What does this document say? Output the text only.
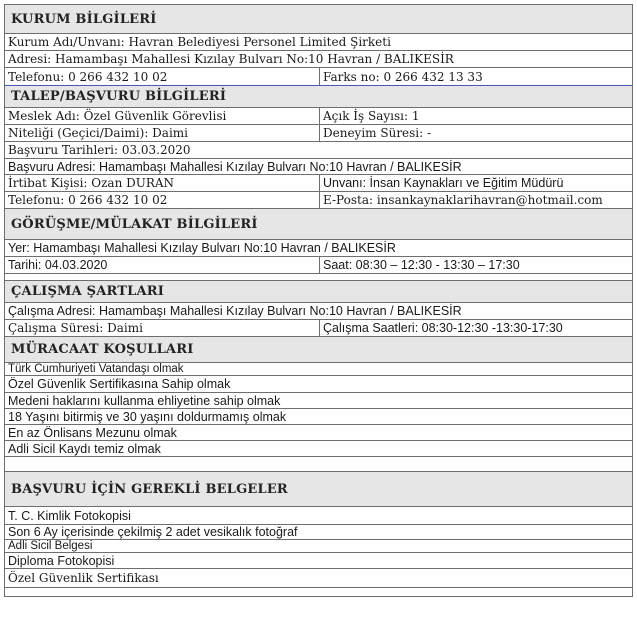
KURUM BİLGİLERİ
Kurum Adı/Unvanı: Havran Belediyesi Personel Limited Şirketi
Adresi: Hamambaşı Mahallesi Kızılay Bulvarı No:10 Havran / BALIKESİR
Telefonu: 0 266 432 10 02	Farks no: 0 266 432 13 33
TALEP/BAŞVURU BİLGİLERİ
Meslek Adı: Özel Güvenlik Görevlisi	Açık İş Sayısı: 1
Niteliği (Geçici/Daimi): Daimi	Deneyim Süresi: -
Başvuru Tarihleri: 03.03.2020
Başvuru Adresi: Hamambaşı Mahallesi Kızılay Bulvarı No:10 Havran / BALIKESİR
İrtibat Kişisi: Ozan DURAN	Unvanı: İnsan Kaynakları ve Eğitim Müdürü
Telefonu: 0 266 432 10 02	E-Posta: insankaynaklarihavran@hotmail.com
GÖRÜŞME/MÜLAKAT BİLGİLERİ
Yer: Hamambaşı Mahallesi Kızılay Bulvarı No:10 Havran / BALIKESİR
Tarihi: 04.03.2020	Saat: 08:30 – 12:30 - 13:30 – 17:30
ÇALIŞMA ŞARTLARI
Çalışma Adresi: Hamambaşı Mahallesi Kızılay Bulvarı No:10 Havran / BALIKESİR
Çalışma Süresi: Daimi	Çalışma Saatleri: 08:30-12:30 -13:30-17:30
MÜRACAAT KOŞULLARI
Türk Cumhuriyeti Vatandaşı olmak
Özel Güvenlik Sertifikasına Sahip olmak
Medeni haklarını kullanma ehliyetine sahip olmak
18 Yaşını bitirmiş ve 30 yaşını doldurmamış olmak
En az Önlisans Mezunu olmak
Adli Sicil Kaydı temiz olmak
BAŞVURU İÇİN GEREKLİ BELGELER
T. C. Kimlik Fotokopisi
Son 6 Ay içerisinde çekilmiş 2 adet vesikalık fotoğraf
Adli Sicil Belgesi
Diploma Fotokopisi
Özel Güvenlik Sertifikası
